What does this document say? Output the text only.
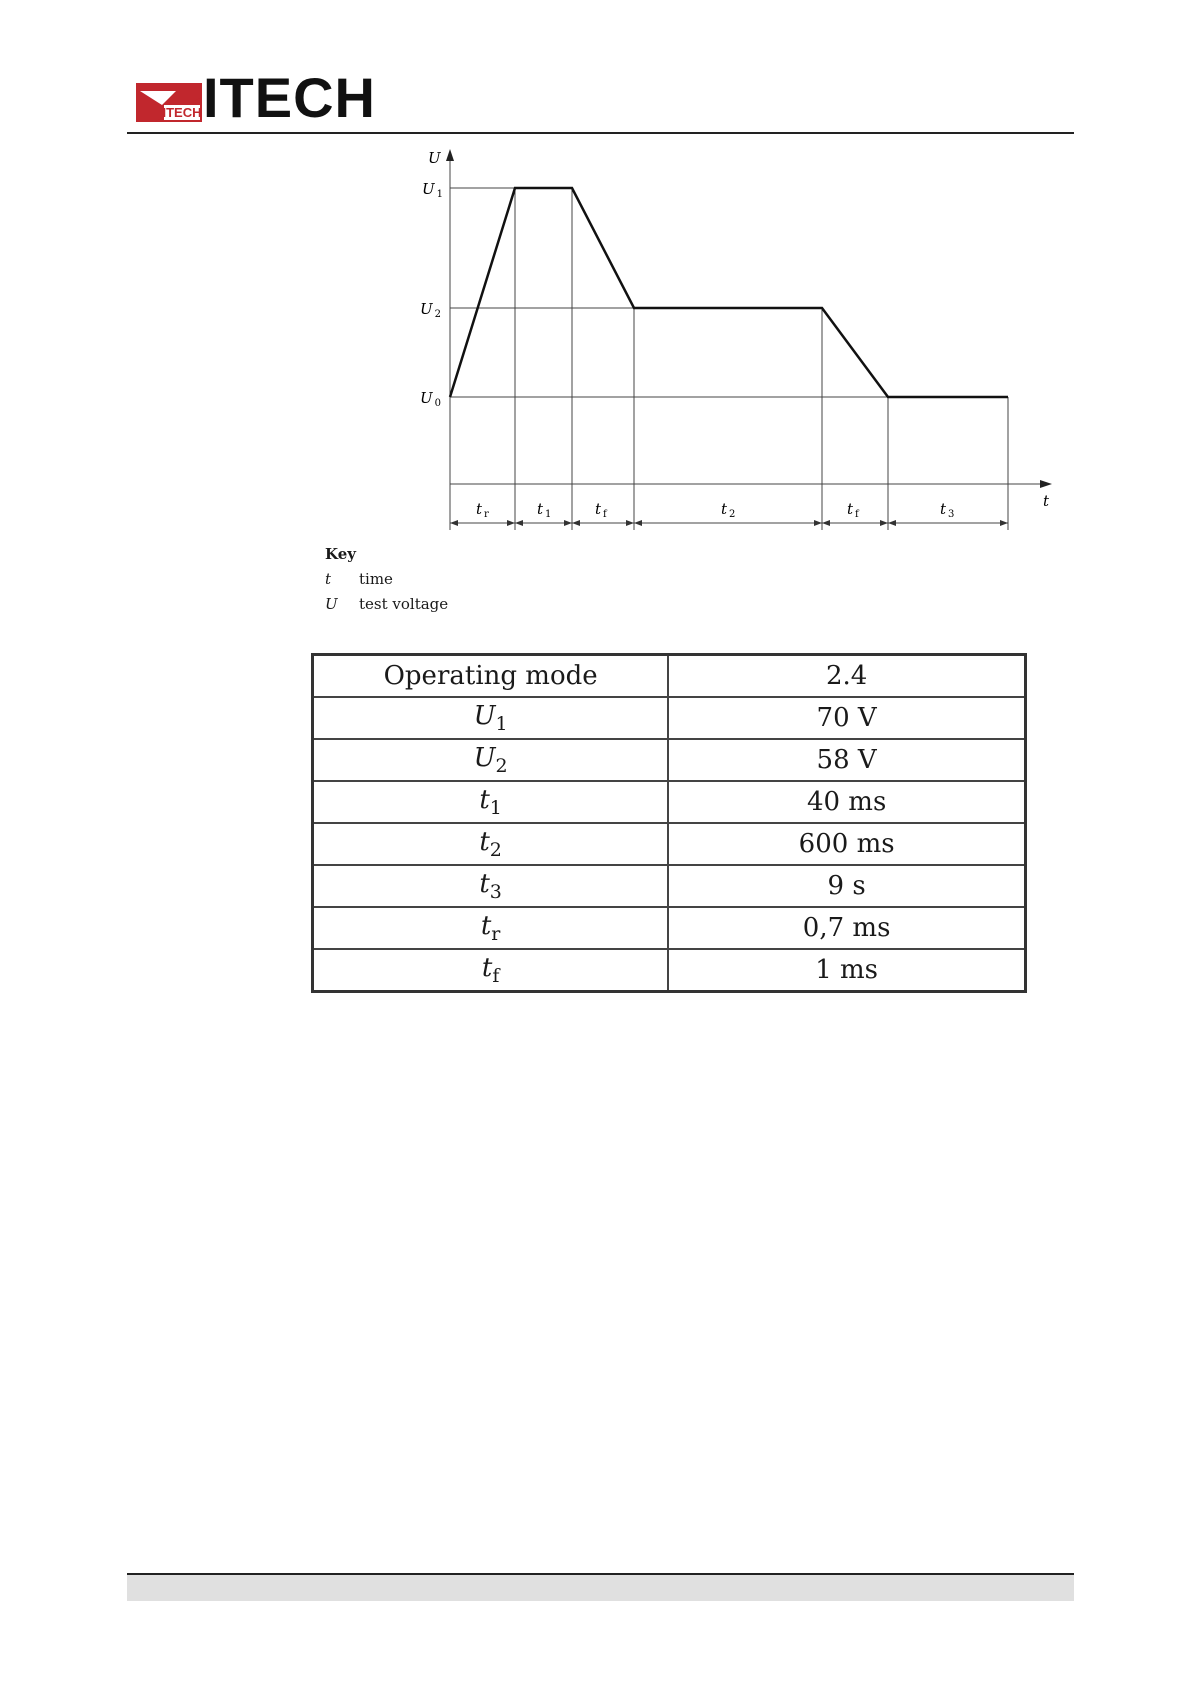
ITECH ITECH
U
t
U $_1$
U $_2$
U $_0$
t $_r$	t $_1$	t $_f$	t $_2$	t $_f$	t $_3$
Key
t	time
U	test voltage
Operating mode	2.4
$U_1$	70 V
$U_2$	58 V
$t_1$	40 ms
$t_2$	600 ms
$t_3$	9 s
$t_r$	0,7 ms
$t_f$	1 ms
